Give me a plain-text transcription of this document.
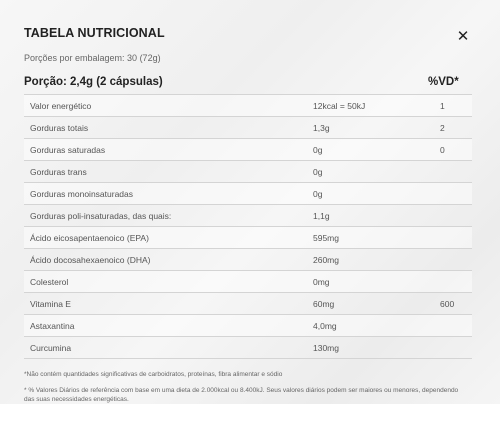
TABELA NUTRICIONAL	✕
Porções por embalagem: 30 (72g)
Porção: 2,4g (2 cápsulas)	%VD*
Valor energético	12kcal = 50kJ	1
Gorduras totais	1,3g	2
Gorduras saturadas	0g	0
Gorduras trans	0g
Gorduras monoinsaturadas	0g
Gorduras poli-insaturadas, das quais:	1,1g
Ácido eicosapentaenoico (EPA)	595mg
Ácido docosahexaenoico (DHA)	260mg
Colesterol	0mg
Vitamina E	60mg	600
Astaxantina	4,0mg
Curcumina	130mg
*Não contém quantidades significativas de carboidratos, proteínas, fibra alimentar e sódio
* % Valores Diários de referência com base em uma dieta de 2.000kcal ou 8.400kJ. Seus valores diários podem ser maiores ou menores, dependendo das suas necessidades energéticas.
